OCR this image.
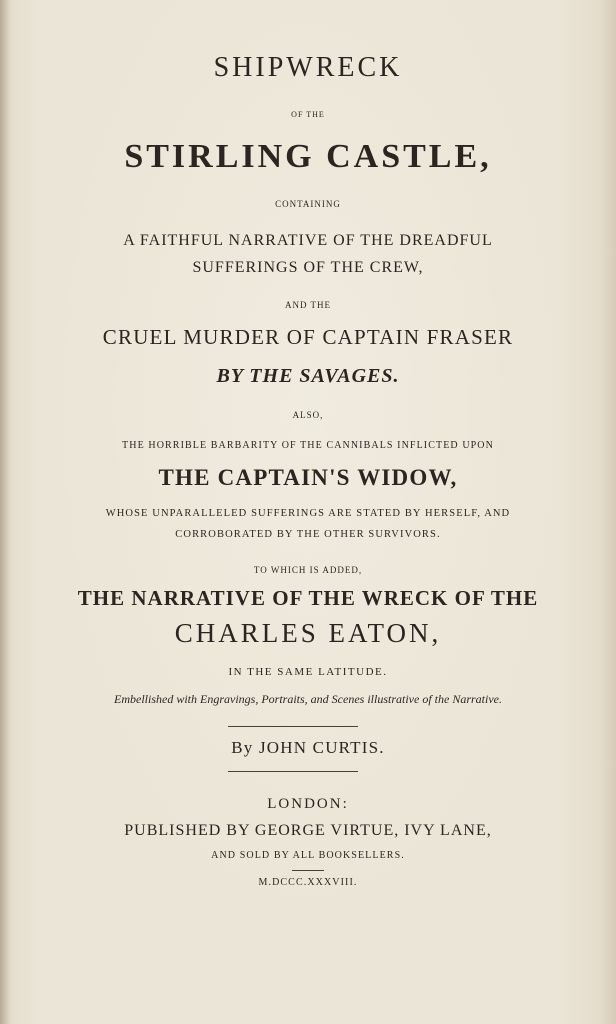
SHIPWRECK
OF THE
STIRLING CASTLE,
CONTAINING
A FAITHFUL NARRATIVE OF THE DREADFUL
SUFFERINGS OF THE CREW,
AND THE
CRUEL MURDER OF CAPTAIN FRASER
BY THE SAVAGES.
ALSO,
THE HORRIBLE BARBARITY OF THE CANNIBALS INFLICTED UPON
THE CAPTAIN'S WIDOW,
WHOSE UNPARALLELED SUFFERINGS ARE STATED BY HERSELF, AND
CORROBORATED BY THE OTHER SURVIVORS.
TO WHICH IS ADDED,
THE NARRATIVE OF THE WRECK OF THE
CHARLES EATON,
IN THE SAME LATITUDE.
Embellished with Engravings, Portraits, and Scenes illustrative of the Narrative.
By JOHN CURTIS.
LONDON:
PUBLISHED BY GEORGE VIRTUE, IVY LANE,
AND SOLD BY ALL BOOKSELLERS.
M.DCCC.XXXVIII.
